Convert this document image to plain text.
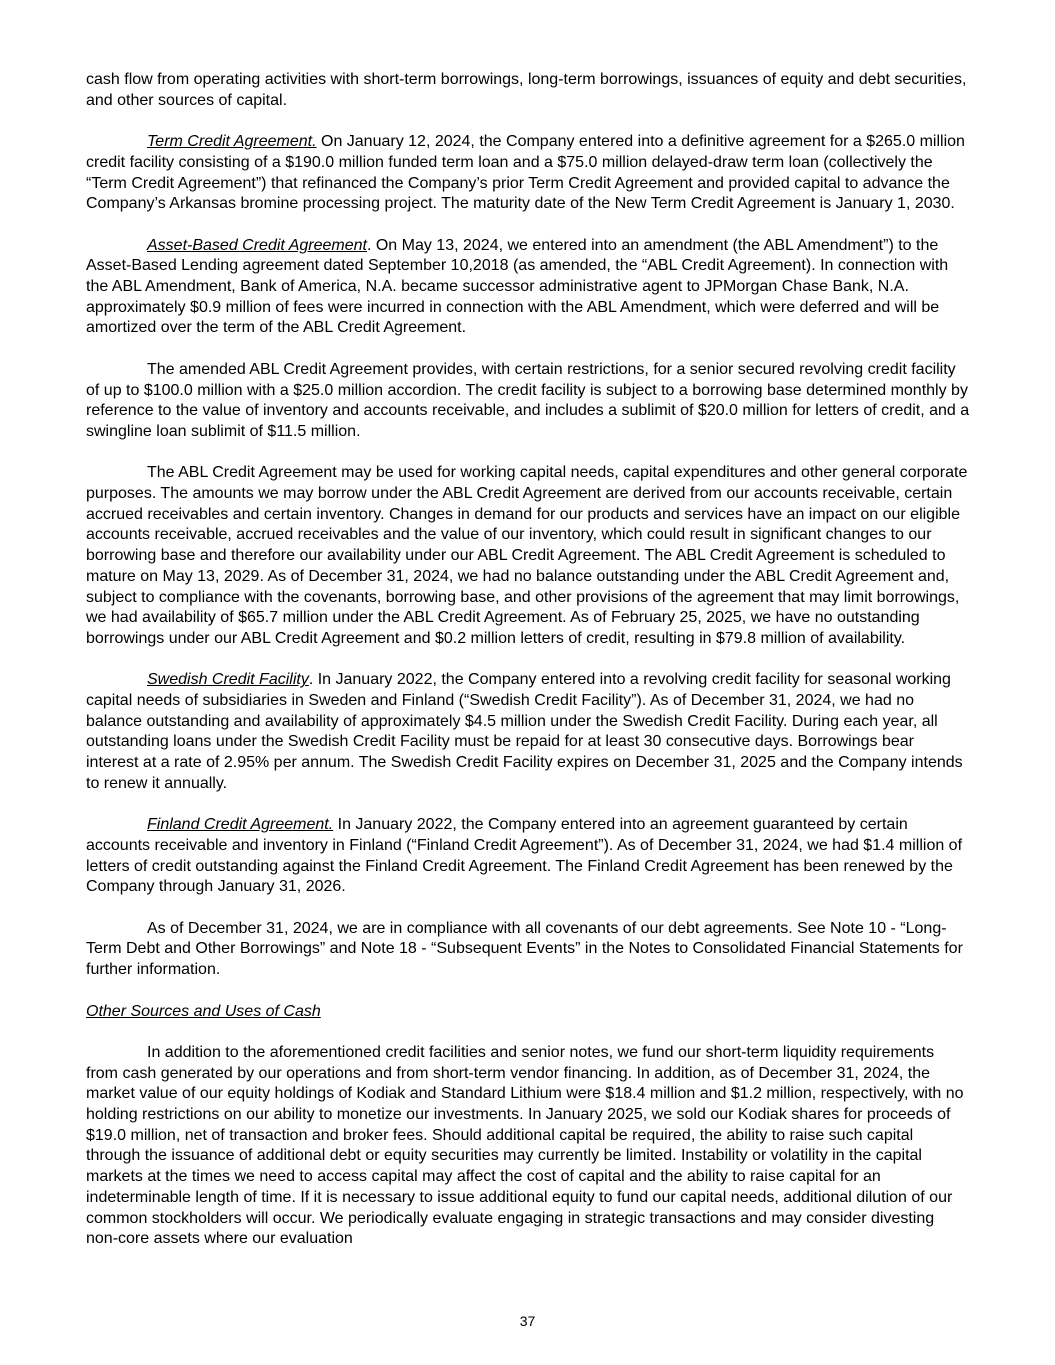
cash flow from operating activities with short-term borrowings, long-term borrowings, issuances of equity and debt securities, and other sources of capital.

Term Credit Agreement. On January 12, 2024, the Company entered into a definitive agreement for a $265.0 million credit facility consisting of a $190.0 million funded term loan and a $75.0 million delayed-draw term loan (collectively the “Term Credit Agreement”) that refinanced the Company’s prior Term Credit Agreement and provided capital to advance the Company’s Arkansas bromine processing project. The maturity date of the New Term Credit Agreement is January 1, 2030.

Asset-Based Credit Agreement. On May 13, 2024, we entered into an amendment (the ABL Amendment”) to the Asset-Based Lending agreement dated September 10,2018 (as amended, the “ABL Credit Agreement). In connection with the ABL Amendment, Bank of America, N.A. became successor administrative agent to JPMorgan Chase Bank, N.A. approximately $0.9 million of fees were incurred in connection with the ABL Amendment, which were deferred and will be amortized over the term of the ABL Credit Agreement.

The amended ABL Credit Agreement provides, with certain restrictions, for a senior secured revolving credit facility of up to $100.0 million with a $25.0 million accordion. The credit facility is subject to a borrowing base determined monthly by reference to the value of inventory and accounts receivable, and includes a sublimit of $20.0 million for letters of credit, and a swingline loan sublimit of $11.5 million.

The ABL Credit Agreement may be used for working capital needs, capital expenditures and other general corporate purposes. The amounts we may borrow under the ABL Credit Agreement are derived from our accounts receivable, certain accrued receivables and certain inventory. Changes in demand for our products and services have an impact on our eligible accounts receivable, accrued receivables and the value of our inventory, which could result in significant changes to our borrowing base and therefore our availability under our ABL Credit Agreement. The ABL Credit Agreement is scheduled to mature on May 13, 2029. As of December 31, 2024, we had no balance outstanding under the ABL Credit Agreement and, subject to compliance with the covenants, borrowing base, and other provisions of the agreement that may limit borrowings, we had availability of $65.7 million under the ABL Credit Agreement. As of February 25, 2025, we have no outstanding borrowings under our ABL Credit Agreement and $0.2 million letters of credit, resulting in $79.8 million of availability.

Swedish Credit Facility. In January 2022, the Company entered into a revolving credit facility for seasonal working capital needs of subsidiaries in Sweden and Finland (“Swedish Credit Facility”). As of December 31, 2024, we had no balance outstanding and availability of approximately $4.5 million under the Swedish Credit Facility. During each year, all outstanding loans under the Swedish Credit Facility must be repaid for at least 30 consecutive days. Borrowings bear interest at a rate of 2.95% per annum. The Swedish Credit Facility expires on December 31, 2025 and the Company intends to renew it annually.

Finland Credit Agreement. In January 2022, the Company entered into an agreement guaranteed by certain accounts receivable and inventory in Finland (“Finland Credit Agreement”). As of December 31, 2024, we had $1.4 million of letters of credit outstanding against the Finland Credit Agreement. The Finland Credit Agreement has been renewed by the Company through January 31, 2026.

As of December 31, 2024, we are in compliance with all covenants of our debt agreements. See Note 10 - “Long-Term Debt and Other Borrowings” and Note 18 - “Subsequent Events” in the Notes to Consolidated Financial Statements for further information.

Other Sources and Uses of Cash

In addition to the aforementioned credit facilities and senior notes, we fund our short-term liquidity requirements from cash generated by our operations and from short-term vendor financing. In addition, as of December 31, 2024, the market value of our equity holdings of Kodiak and Standard Lithium were $18.4 million and $1.2 million, respectively, with no holding restrictions on our ability to monetize our investments. In January 2025, we sold our Kodiak shares for proceeds of $19.0 million, net of transaction and broker fees. Should additional capital be required, the ability to raise such capital through the issuance of additional debt or equity securities may currently be limited. Instability or volatility in the capital markets at the times we need to access capital may affect the cost of capital and the ability to raise capital for an indeterminable length of time. If it is necessary to issue additional equity to fund our capital needs, additional dilution of our common stockholders will occur. We periodically evaluate engaging in strategic transactions and may consider divesting non-core assets where our evaluation

37
